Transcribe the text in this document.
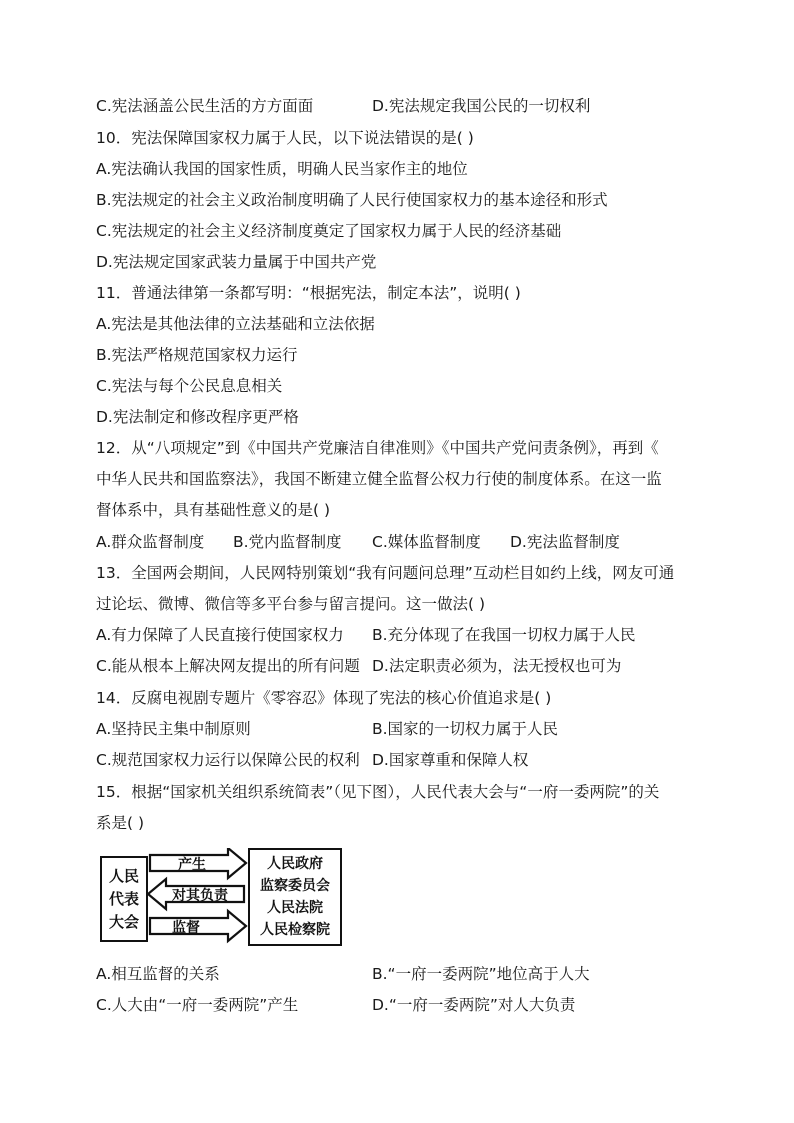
C.宪法涵盖公民生活的方方面面	D.宪法规定我国公民的一切权利
10．宪法保障国家权力属于人民，以下说法错误的是( )
A.宪法确认我国的国家性质，明确人民当家作主的地位
B.宪法规定的社会主义政治制度明确了人民行使国家权力的基本途径和形式
C.宪法规定的社会主义经济制度奠定了国家权力属于人民的经济基础
D.宪法规定国家武装力量属于中国共产党
11．普通法律第一条都写明：“根据宪法，制定本法”，说明( )
A.宪法是其他法律的立法基础和立法依据
B.宪法严格规范国家权力运行
C.宪法与每个公民息息相关
D.宪法制定和修改程序更严格
12．从“八项规定”到《中国共产党廉洁自律准则》《中国共产党问责条例》，再到《
中华人民共和国监察法》，我国不断建立健全监督公权力行使的制度体系。在这一监
督体系中，具有基础性意义的是( )
A.群众监督制度 B.党内监督制度 C.媒体监督制度 D.宪法监督制度
13．全国两会期间，人民网特别策划“我有问题问总理”互动栏目如约上线，网友可通
过论坛、微博、微信等多平台参与留言提问。这一做法( )
A.有力保障了人民直接行使国家权力 B.充分体现了在我国一切权力属于人民
C.能从根本上解决网友提出的所有问题 D.法定职责必须为，法无授权也可为
14．反腐电视剧专题片《零容忍》体现了宪法的核心价值追求是( )
A.坚持民主集中制原则	B.国家的一切权力属于人民
C.规范国家权力运行以保障公民的权利 D.国家尊重和保障人权
15．根据“国家机关组织系统简表”（见下图），人民代表大会与“一府一委两院”的关
系是( )
人民
代表
大会
产生
对其负责
监督
人民政府
监察委员会
人民法院
人民检察院
A.相互监督的关系	B.“一府一委两院”地位高于人大
C.人大由“一府一委两院”产生	D.“一府一委两院”对人大负责
